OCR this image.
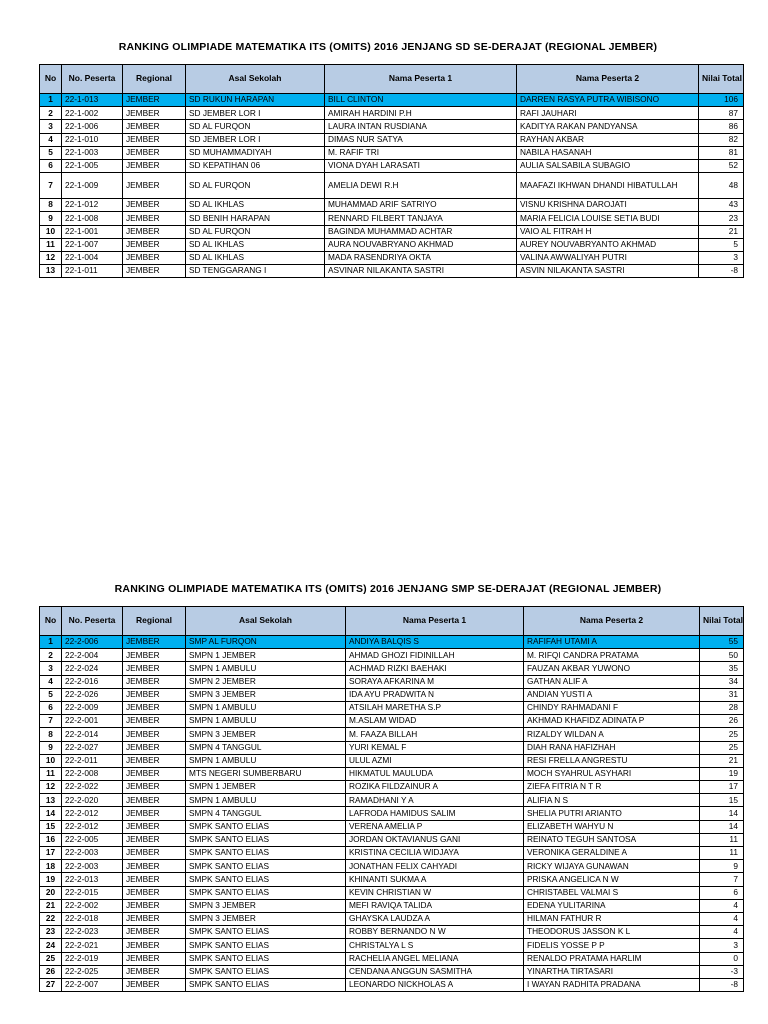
RANKING OLIMPIADE MATEMATIKA ITS (OMITS) 2016 JENJANG SD SE-DERAJAT (REGIONAL JEMBER)
No	No. Peserta	Regional	Asal Sekolah	Nama Peserta 1	Nama Peserta 2	Nilai Total
1	22-1-013	JEMBER	SD RUKUN HARAPAN	BILL CLINTON	DARREN RASYA PUTRA WIBISONO	106
2	22-1-002	JEMBER	SD JEMBER LOR I	AMIRAH HARDINI P.H	RAFI JAUHARI	87
3	22-1-006	JEMBER	SD AL FURQON	LAURA INTAN RUSDIANA	KADITYA RAKAN PANDYANSA	86
4	22-1-010	JEMBER	SD JEMBER LOR I	DIMAS NUR SATYA	RAYHAN AKBAR	82
5	22-1-003	JEMBER	SD MUHAMMADIYAH	M. RAFIF TRI	NABILA HASANAH	81
6	22-1-005	JEMBER	SD KEPATIHAN 06	VIONA DYAH LARASATI	AULIA SALSABILA SUBAGIO	52
7	22-1-009	JEMBER	SD AL FURQON	AMELIA DEWI R.H	MAAFAZI IKHWAN DHANDI HIBATULLAH	48
8	22-1-012	JEMBER	SD AL IKHLAS	MUHAMMAD ARIF SATRIYO	VISNU KRISHNA DAROJATI	43
9	22-1-008	JEMBER	SD BENIH HARAPAN	RENNARD FILBERT TANJAYA	MARIA FELICIA LOUISE SETIA BUDI	23
10	22-1-001	JEMBER	SD AL FURQON	BAGINDA MUHAMMAD ACHTAR	VAIO AL FITRAH H	21
11	22-1-007	JEMBER	SD AL IKHLAS	AURA NOUVABRYANO AKHMAD	AUREY NOUVABRYANTO AKHMAD	5
12	22-1-004	JEMBER	SD AL IKHLAS	MADA RASENDRIYA OKTA	VALINA AWWALIYAH PUTRI	3
13	22-1-011	JEMBER	SD TENGGARANG I	ASVINAR NILAKANTA SASTRI	ASVIN NILAKANTA SASTRI	-8
RANKING OLIMPIADE MATEMATIKA ITS (OMITS) 2016 JENJANG SMP SE-DERAJAT (REGIONAL JEMBER)
No	No. Peserta	Regional	Asal Sekolah	Nama Peserta 1	Nama Peserta 2	Nilai Total
1	22-2-006	JEMBER	SMP AL FURQON	ANDIYA BALQIS S	RAFIFAH UTAMI A	55
2	22-2-004	JEMBER	SMPN 1 JEMBER	AHMAD GHOZI FIDINILLAH	M. RIFQI CANDRA PRATAMA	50
3	22-2-024	JEMBER	SMPN 1 AMBULU	ACHMAD RIZKI BAEHAKI	FAUZAN AKBAR YUWONO	35
4	22-2-016	JEMBER	SMPN 2 JEMBER	SORAYA AFKARINA M	GATHAN ALIF A	34
5	22-2-026	JEMBER	SMPN 3 JEMBER	IDA AYU PRADWITA N	ANDIAN YUSTI A	31
6	22-2-009	JEMBER	SMPN 1 AMBULU	ATSILAH MARETHA S.P	CHINDY RAHMADANI F	28
7	22-2-001	JEMBER	SMPN 1 AMBULU	M.ASLAM WIDAD	AKHMAD KHAFIDZ ADINATA P	26
8	22-2-014	JEMBER	SMPN 3 JEMBER	M. FAAZA BILLAH	RIZALDY WILDAN A	25
9	22-2-027	JEMBER	SMPN 4 TANGGUL	YURI KEMAL F	DIAH RANA HAFIZHAH	25
10	22-2-011	JEMBER	SMPN 1 AMBULU	ULUL AZMI	RESI FRELLA ANGRESTU	21
11	22-2-008	JEMBER	MTS NEGERI SUMBERBARU	HIKMATUL MAULUDA	MOCH SYAHRUL ASYHARI	19
12	22-2-022	JEMBER	SMPN 1 JEMBER	ROZIKA FILDZAINUR A	ZIEFA FITRIA N T R	17
13	22-2-020	JEMBER	SMPN 1 AMBULU	RAMADHANI Y A	ALIFIA N S	15
14	22-2-012	JEMBER	SMPN 4 TANGGUL	LAFRODA HAMIDUS SALIM	SHELIA PUTRI ARIANTO	14
15	22-2-012	JEMBER	SMPK SANTO ELIAS	VERENA AMELIA P	ELIZABETH WAHYU N	14
16	22-2-005	JEMBER	SMPK SANTO ELIAS	JORDAN OKTAVIANUS GANI	REINATO TEGUH SANTOSA	11
17	22-2-003	JEMBER	SMPK SANTO ELIAS	KRISTINA CECILIA WIDJAYA	VERONIKA GERALDINE A	11
18	22-2-003	JEMBER	SMPK SANTO ELIAS	JONATHAN FELIX CAHYADI	RICKY WIJAYA GUNAWAN	9
19	22-2-013	JEMBER	SMPK SANTO ELIAS	KHINANTI SUKMA A	PRISKA ANGELICA N W	7
20	22-2-015	JEMBER	SMPK SANTO ELIAS	KEVIN CHRISTIAN W	CHRISTABEL VALMAI S	6
21	22-2-002	JEMBER	SMPN 3 JEMBER	MEFI RAVIQA TALIDA	EDENA YULITARINA	4
22	22-2-018	JEMBER	SMPN 3 JEMBER	GHAYSKA LAUDZA A	HILMAN FATHUR R	4
23	22-2-023	JEMBER	SMPK SANTO ELIAS	ROBBY BERNANDO N W	THEODORUS JASSON K L	4
24	22-2-021	JEMBER	SMPK SANTO ELIAS	CHRISTALYA L S	FIDELIS YOSSE P P	3
25	22-2-019	JEMBER	SMPK SANTO ELIAS	RACHELIA ANGEL MELIANA	RENALDO PRATAMA HARLIM	0
26	22-2-025	JEMBER	SMPK SANTO ELIAS	CENDANA ANGGUN SASMITHA	YINARTHA TIRTASARI	-3
27	22-2-007	JEMBER	SMPK SANTO ELIAS	LEONARDO NICKHOLAS A	I WAYAN RADHITA PRADANA	-8
